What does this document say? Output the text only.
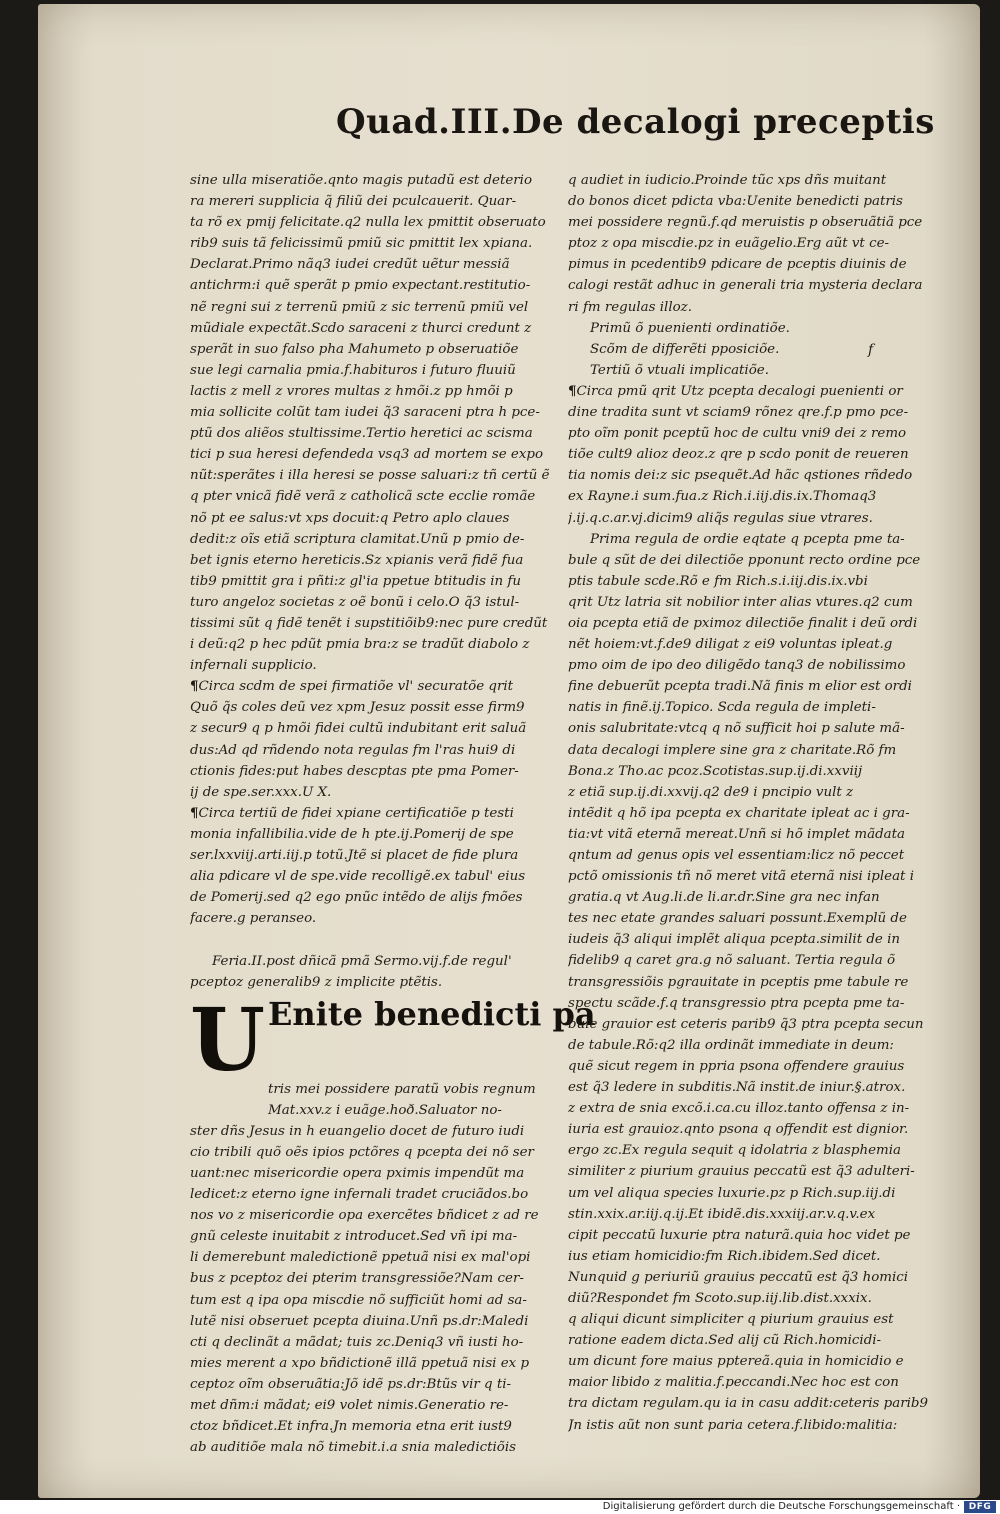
Quad.III.De decalogi preceptis
f
sine ulla miseratiõe.qnto magis putadũ est deterio
ra mereri supplicia q̃ filiũ dei pculcauerit. Quar-
ta rõ ex pmij felicitate.q2 nulla lex pmittit obseruato
rib9 suis tã felicissimũ pmiũ sic pmittit lex xpiana.
Declarat.Primo nãq3 iudei credũt uẽtur messiã
antichrm:i quẽ sperãt p pmio expectant.restitutio-
nẽ regni sui z terrenũ pmiũ z sic terrenũ pmiũ vel
mũdiale expectãt.Scdo saraceni z thurci credunt z
sperãt in suo falso pha Mahumeto p obseruatiõe
sue legi carnalia pmia.f.habituros i futuro fluuiũ
lactis z mell z vrores multas z hmõi.z pp hmõi p
mia sollicite colũt tam iudei q̃3 saraceni ptra h pce-
ptũ dos aliẽos stultissime.Tertio heretici ac scisma
tici p sua heresi defendeda vsq3 ad mortem se expo
nũt:sperãtes i illa heresi se posse saluari:z tñ certũ ẽ
q pter vnicã fidẽ verã z catholicã scte ecclie romãe
nõ pt ee salus:vt xps docuit:q Petro aplo claues
dedit:z oĩs etiã scriptura clamitat.Unũ p pmio de-
bet ignis eterno hereticis.Sz xpianis verã fidẽ fua
tib9 pmittit gra i pñti:z gl'ia ppetue btitudis in fu
turo angeloz societas z oẽ bonũ i celo.O q̃3 istul-
tissimi sũt q fidẽ tenẽt i supstitiõib9:nec pure credũt
i deũ:q2 p hec pdũt pmia bra:z se tradũt diabolo z
infernali supplicio.
¶Circa scdm de spei firmatiõe vl' securatõe qrit
Quõ q̃s coles deũ vez xpm Jesuz possit esse firm9
z secur9 q p hmõi fidei cultũ indubitant erit saluã
dus:Ad qd rñdendo nota regulas fm l'ras hui9 di
ctionis fides:put habes descptas pte pma Pomer-
ij de spe.ser.xxx.U X.
¶Circa tertiũ de fidei xpiane certificatiõe p testi
monia infallibilia.vide de h pte.ij.Pomerij de spe
ser.lxxviij.arti.iij.p totũ.Jtẽ si placet de fide plura
alia pdicare vl de spe.vide recolligẽ.ex tabul' eius
de Pomerij.sed q2 ego pnũc intẽdo de alijs fmões
facere.g peranseo.
Feria.II.post dñicã pmã Sermo.vij.f.de regul'
pceptoz generalib9 z implicite ptẽtis.
U Enite benedicti pa
tris mei possidere paratũ vobis regnum
Mat.xxv.z i euãge.hoð.Saluator no-
ster dñs Jesus in h euangelio docet de futuro iudi
cio tribili quõ oẽs ipios pctõres q pcepta dei nõ ser
uant:nec misericordie opera pximis impendũt ma
ledicet:z eterno igne infernali tradet cruciãdos.bo
nos vo z misericordie opa exercẽtes bñdicet z ad re
gnũ celeste inuitabit z introducet.Sed vñ ipi ma-
li demerebunt maledictionẽ ppetuã nisi ex mal'opi
bus z pceptoz dei pterim transgressiõe?Nam cer-
tum est q ipa opa miscdie nõ sufficiũt homi ad sa-
lutẽ nisi obseruet pcepta diuina.Unñ ps.dr:Maledi
cti q declinãt a mãdat; tuis zc.Deniq3 vñ iusti ho-
mies merent a xpo bñdictionẽ illã ppetuã nisi ex p
ceptoz oĩm obseruãtia:Jõ idẽ ps.dr:Btũs vir q ti-
met dñm:i mãdat; ei9 volet nimis.Generatio re-
ctoz bñdicet.Et infra.Jn memoria etna erit iust9
ab auditiõe mala nõ timebit.i.a snia maledictiõis
q audiet in iudicio.Proinde tũc xps dñs muitant
do bonos dicet pdicta vba:Uenite benedicti patris
mei possidere regnũ.f.qd meruistis p obseruãtiã pce
ptoz z opa miscdie.pz in euãgelio.Erg aũt vt ce-
pimus in pcedentib9 pdicare de pceptis diuinis de
calogi restãt adhuc in generali tria mysteria declara
ri fm regulas illoz.
Primũ õ puenienti ordinatiõe.
Scõm de differẽti pposiciõe.
Tertiũ õ vtuali implicatiõe.
¶Circa pmũ qrit Utz pcepta decalogi puenienti or
dine tradita sunt vt sciam9 rõnez qre.f.p pmo pce-
pto oĩm ponit pceptũ hoc de cultu vni9 dei z remo
tiõe cult9 alioz deoz.z qre p scdo ponit de reueren
tia nomis dei:z sic psequẽt.Ad hãc qstiones rñdedo
ex Rayne.i sum.fua.z Rich.i.iij.dis.ix.Thomaq3
j.ij.q.c.ar.vj.dicim9 aliq̃s regulas siue vtrares.
Prima regula de ordie eqtate q pcepta pme ta-
bule q sũt de dei dilectiõe pponunt recto ordine pce
ptis tabule scde.Rõ e fm Rich.s.i.iij.dis.ix.vbi
qrit Utz latria sit nobilior inter alias vtures.q2 cum
oia pcepta etiã de pximoz dilectiõe finalit i deũ ordi
nẽt hoiem:vt.f.de9 diligat z ei9 voluntas ipleat.g
pmo oim de ipo deo diligẽdo tanq3 de nobilissimo
fine debuerũt pcepta tradi.Nã finis m elior est ordi
natis in finẽ.ij.Topico. Scda regula de impleti-
onis salubritate:vtcq q nõ sufficit hoi p salute mã-
data decalogi implere sine gra z charitate.Rõ fm
Bona.z Tho.ac pcoz.Scotistas.sup.ij.di.xxviij
z etiã sup.ij.di.xxvij.q2 de9 i pncipio vult z
intẽdit q hõ ipa pcepta ex charitate ipleat ac i gra-
tia:vt vitã eternã mereat.Unñ si hõ implet mãdata
qntum ad genus opis vel essentiam:licz nõ peccet
pctõ omissionis tñ nõ meret vitã eternã nisi ipleat i
gratia.q vt Aug.li.de li.ar.dr.Sine gra nec infan
tes nec etate grandes saluari possunt.Exemplũ de
iudeis q̃3 aliqui implẽt aliqua pcepta.similit de in
fidelib9 q caret gra.g nõ saluant. Tertia regula õ
transgressiõis pgrauitate in pceptis pme tabule re
spectu scãde.f.q transgressio ptra pcepta pme ta-
bule grauior est ceteris parib9 q̃3 ptra pcepta secun
de tabule.Rõ:q2 illa ordinãt immediate in deum:
quẽ sicut regem in ppria psona offendere grauius
est q̃3 ledere in subditis.Nã instit.de iniur.§.atrox.
z extra de snia excõ.i.ca.cu illoz.tanto offensa z in-
iuria est grauioz.qnto psona q offendit est dignior.
ergo zc.Ex regula sequit q idolatria z blasphemia
similiter z piurium grauius peccatũ est q̃3 adulteri-
um vel aliqua species luxurie.pz p Rich.sup.iij.di
stin.xxix.ar.iij.q.ij.Et ibidẽ.dis.xxxiij.ar.v.q.v.ex
cipit peccatũ luxurie ptra naturã.quia hoc videt pe
ius etiam homicidio:fm Rich.ibidem.Sed dicet.
Nunquid g periuriũ grauius peccatũ est q̃3 homici
diũ?Respondet fm Scoto.sup.iij.lib.dist.xxxix.
q aliqui dicunt simpliciter q piurium grauius est
ratione eadem dicta.Sed alij cũ Rich.homicidi-
um dicunt fore maius pptereã.quia in homicidio e
maior libido z malitia.f.peccandi.Nec hoc est con
tra dictam regulam.qu ia in casu addit:ceteris parib9
Jn istis aũt non sunt paria cetera.f.libido:malitia:
Digitalisierung gefördert durch die Deutsche Forschungsgemeinschaft · DFG
